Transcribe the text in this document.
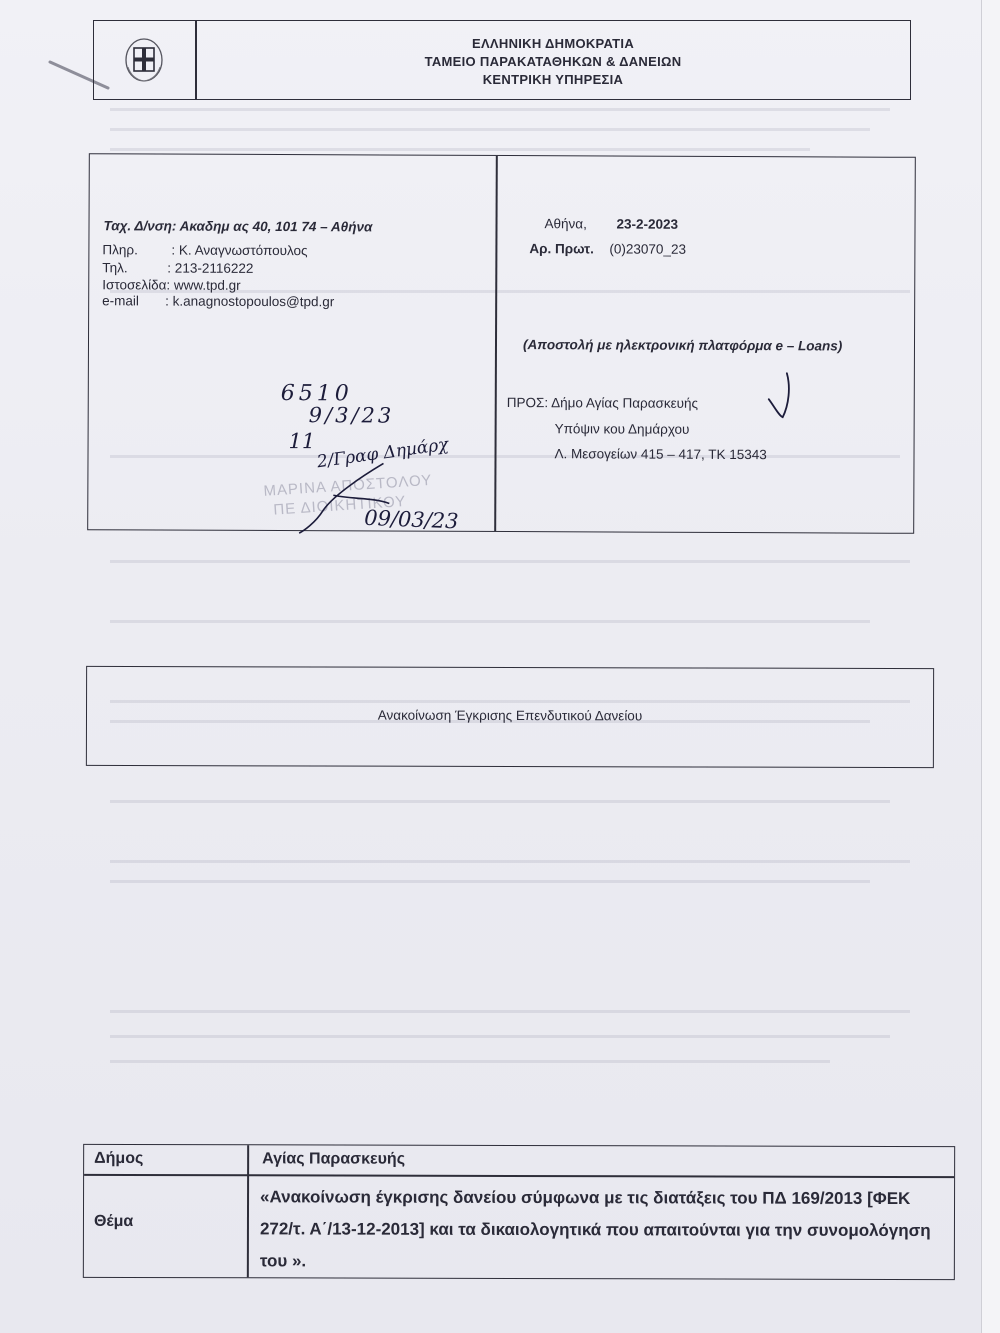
ΕΛΛΗΝΙΚΗ ΔΗΜΟΚΡΑΤΙΑ
ΤΑΜΕΙΟ ΠΑΡΑΚΑΤΑΘΗΚΩΝ & ΔΑΝΕΙΩΝ
ΚΕΝΤΡΙΚΗ ΥΠΗΡΕΣΙΑ
Ταχ. Δ/νση: Ακαδημ ας 40, 101 74 – Αθήνα
Πληρ. : Κ. Αναγνωστόπουλος
Τηλ.	: 213-2116222
Ιστοσελίδα: www.tpd.gr
e-mail : k.anagnostopoulos@tpd.gr
ΜΑΡΙΝΑ ΑΠΟΣΤΟΛΟΥ
ΠΕ ΔΙΟΙΚΗΤΙΚΟΥ
6510
9/3/23
11 2/Γραφ Δηµάρχ
09/03/23
Αθήνα, 23-2-2023
Αρ. Πρωτ. (0)23070_23
(Αποστολή με ηλεκτρονική πλατφόρμα e – Loans)
ΠΡΟΣ: Δήμο Αγίας Παρασκευής
Υπόψιν κου Δημάρχου
Λ. Μεσογείων 415 – 417, ΤΚ 15343
Ανακοίνωση Έγκρισης Επενδυτικού Δανείου
Δήμος	Αγίας Παρασκευής
Θέμα
«Ανακοίνωση έγκρισης δανείου σύμφωνα με τις διατάξεις του ΠΔ 169/2013 [ΦΕΚ 272/τ. Α΄/13-12-2013] και τα δικαιολογητικά που απαιτούνται για την συνομολόγηση του ».
